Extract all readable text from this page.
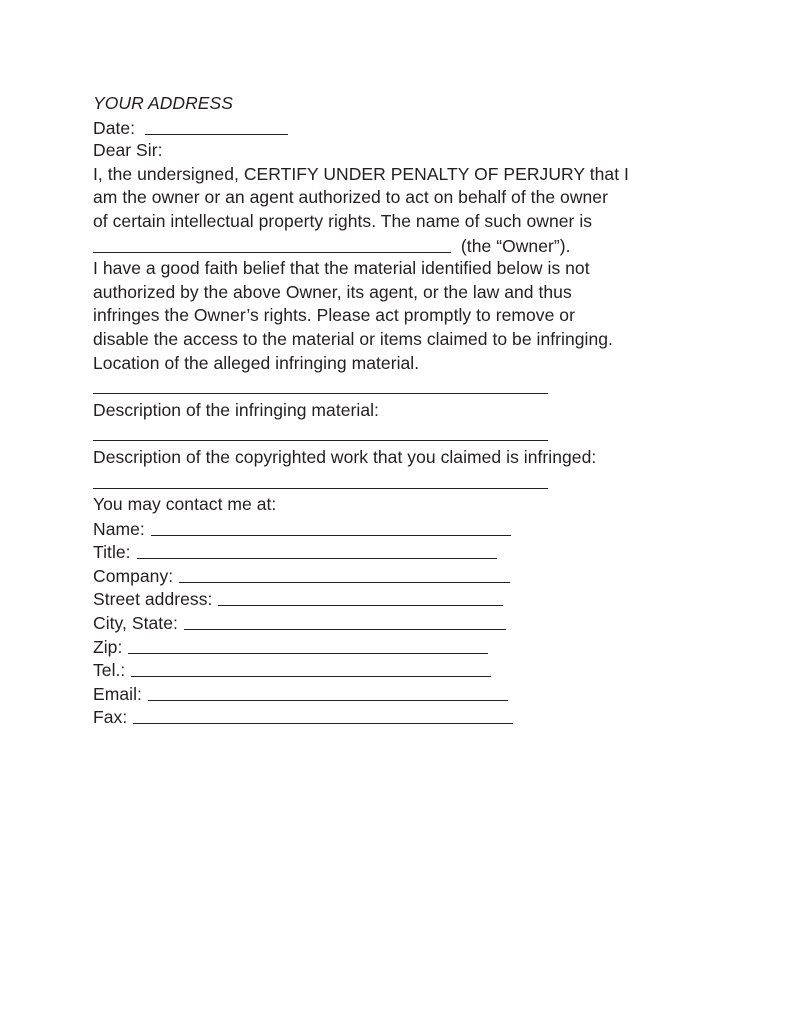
YOUR ADDRESS
Date:
Dear Sir:
I, the undersigned, CERTIFY UNDER PENALTY OF PERJURY that I
am the owner or an agent authorized to act on behalf of the owner
of certain intellectual property rights. The name of such owner is
(the “Owner”).
I have a good faith belief that the material identified below is not
authorized by the above Owner, its agent, or the law and thus
infringes the Owner’s rights. Please act promptly to remove or
disable the access to the material or items claimed to be infringing.
Location of the alleged infringing material.
Description of the infringing material:
Description of the copyrighted work that you claimed is infringed:
You may contact me at:
Name:
Title:
Company:
Street address:
City, State:
Zip:
Tel.:
Email:
Fax:
